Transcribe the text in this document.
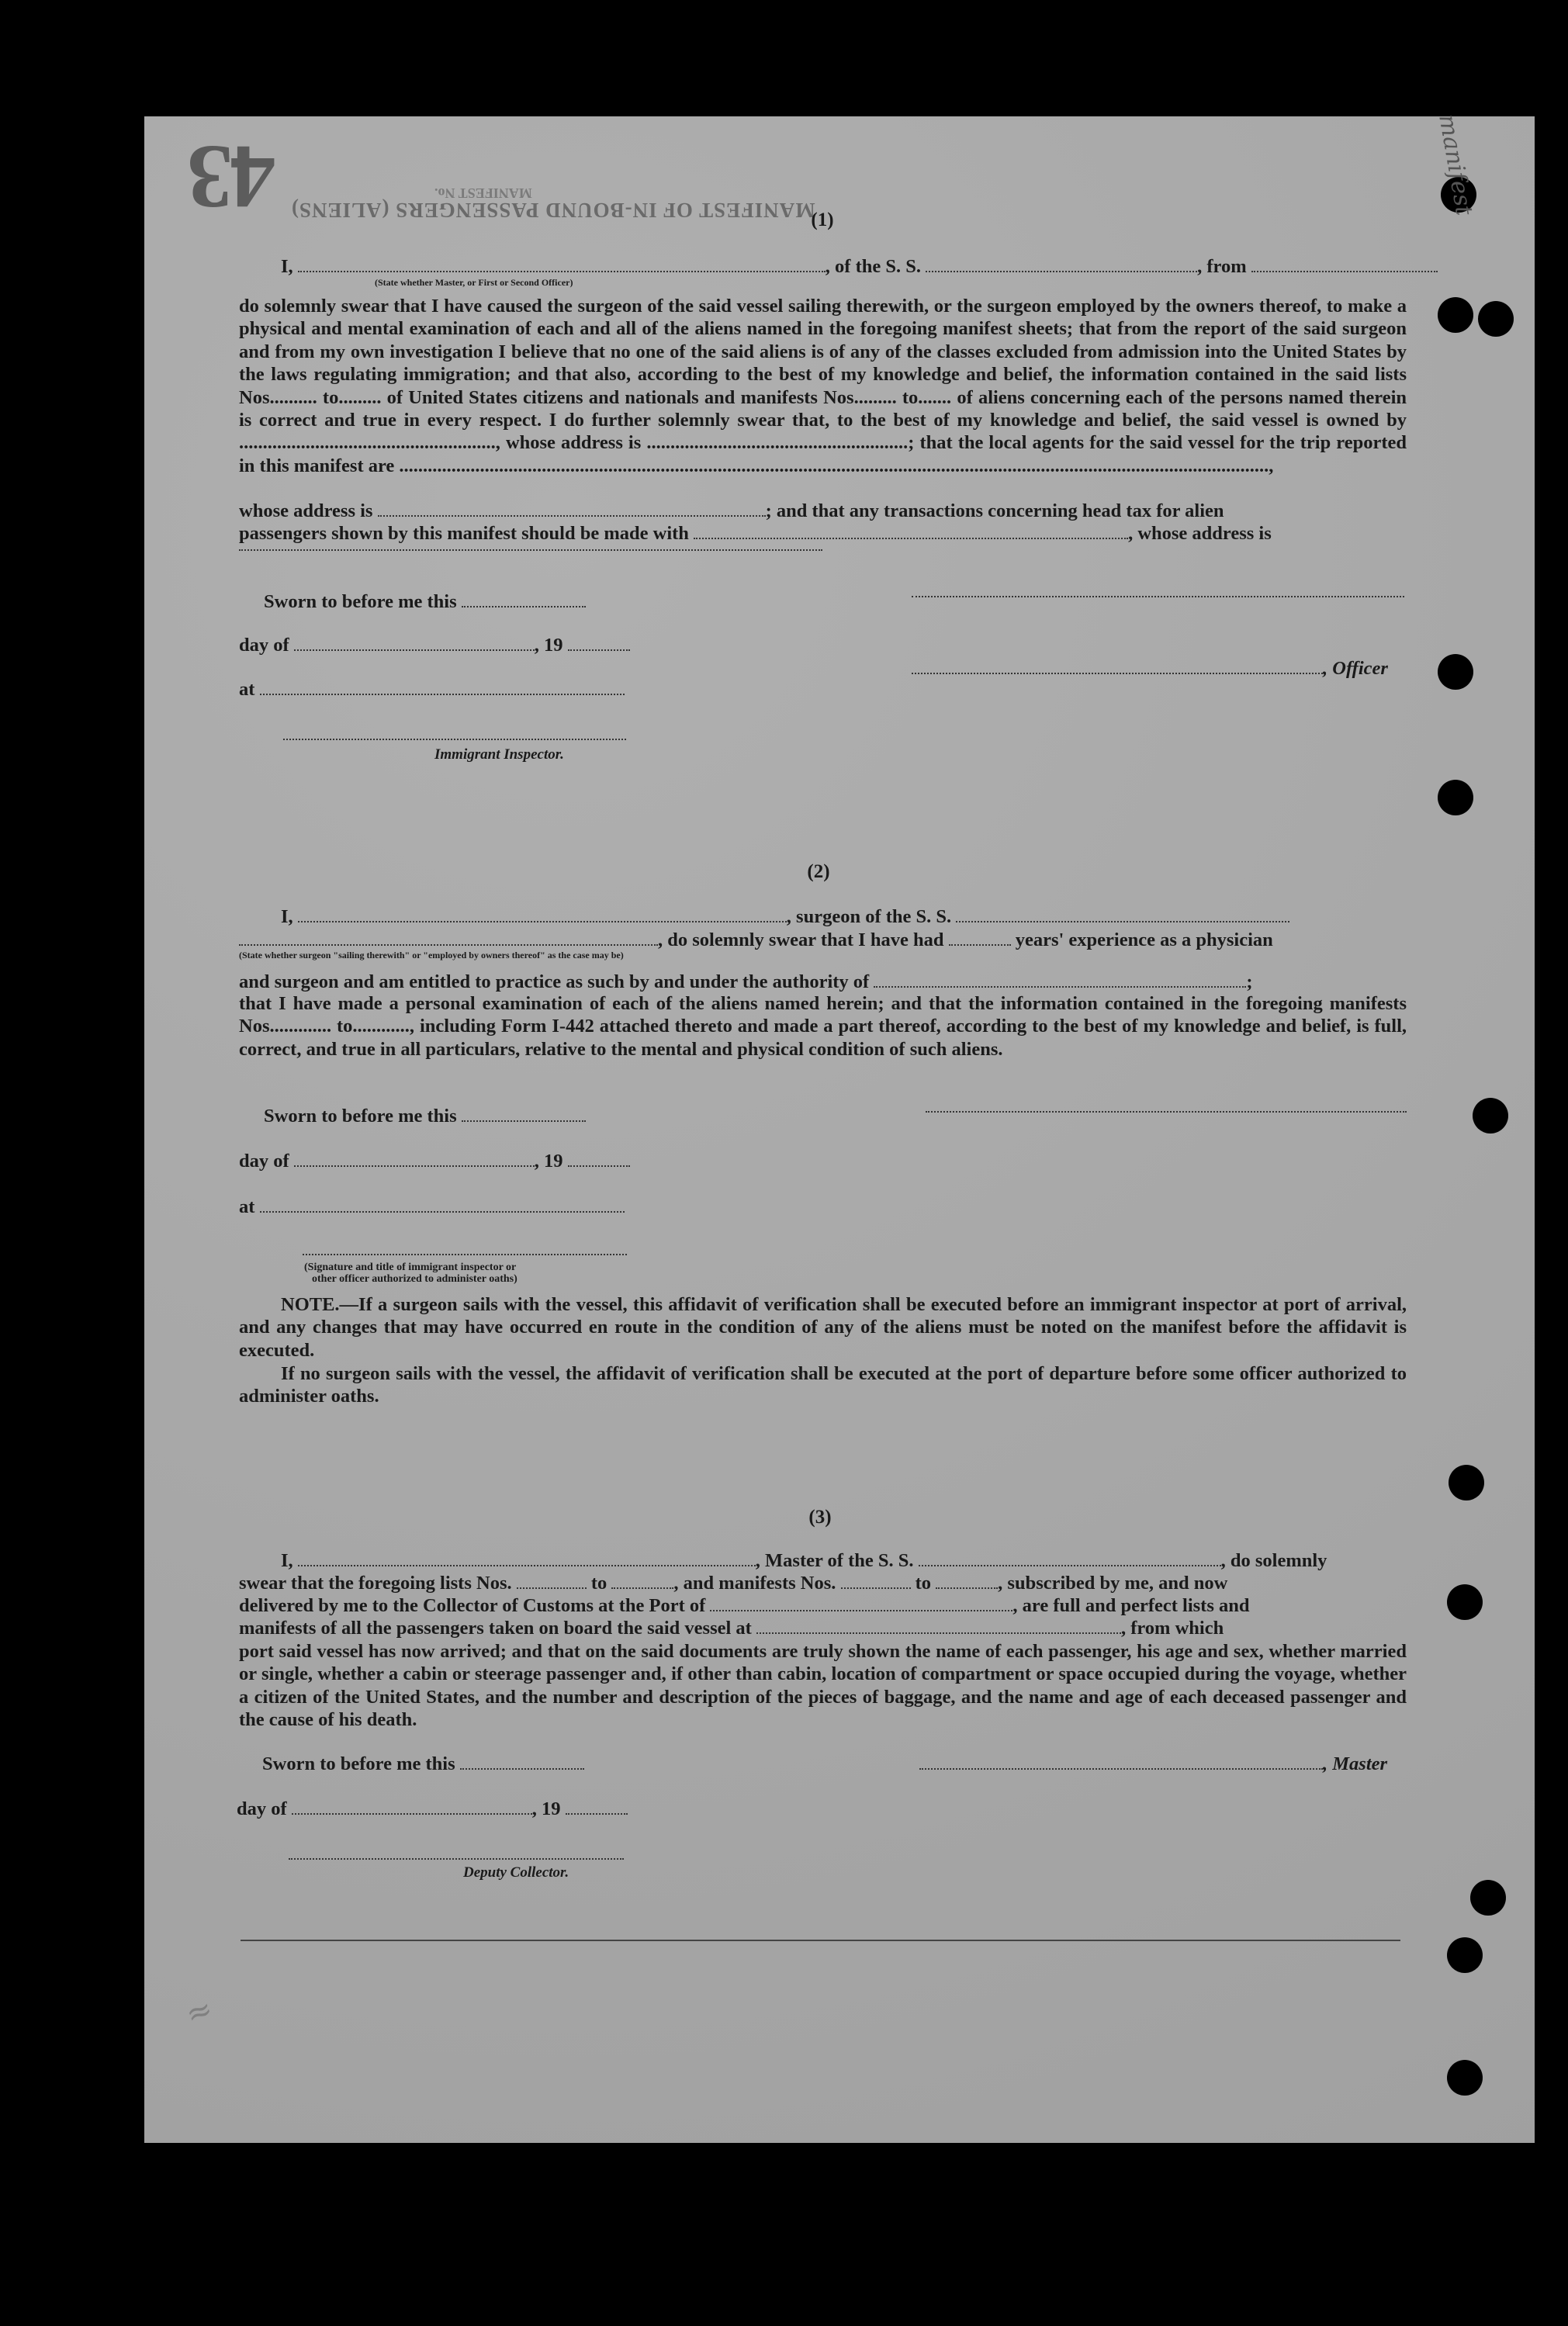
43 MANIFEST OF IN-BOUND PASSENGERS (ALIENS)
MANIFEST No.	manifest
(1)
I,	, of the S. S.	, from
(State whether Master, or First or Second Officer)
do solemnly swear that I have caused the surgeon of the said vessel sailing therewith, or the surgeon employed by the owners thereof, to make a physical and mental examination of each and all of the aliens named in the foregoing manifest sheets; that from the report of the said surgeon and from my own investigation I believe that no one of the said aliens is of any of the classes excluded from admission into the United States by the laws regulating immigration; and that also, according to the best of my knowledge and belief, the information contained in the said lists Nos.......... to......... of United States citizens and nationals and manifests Nos......... to....... of aliens concerning each of the persons named therein is correct and true in every respect. I do further solemnly swear that, to the best of my knowledge and belief, the said vessel is owned by ......................................................, whose address is .......................................................; that the local agents for the said vessel for the trip reported in this manifest are .......................................................................................................................................................................................,
whose address is	; and that any transactions concerning head tax for alien
passengers shown by this manifest should be made with	, whose address is
Sworn to before me this
day of	, 19
, Officer
at
Immigrant Inspector.
(2)
I,	, surgeon of the S. S.
, do solemnly swear that I have had	years' experience as a physician
(State whether surgeon "sailing therewith" or "employed by owners thereof" as the case may be)
and surgeon and am entitled to practice as such by and under the authority of	;
that I have made a personal examination of each of the aliens named herein; and that the information contained in the foregoing manifests Nos............. to............, including Form I-442 attached thereto and made a part thereof, according to the best of my knowledge and belief, is full, correct, and true in all particulars, relative to the mental and physical condition of such aliens.
Sworn to before me this
day of	, 19
at
(Signature and title of immigrant inspector or
other officer authorized to administer oaths)
NOTE.—If a surgeon sails with the vessel, this affidavit of verification shall be executed before an immigrant inspector at port of arrival, and any changes that may have occurred en route in the condition of any of the aliens must be noted on the manifest before the affidavit is executed.
If no surgeon sails with the vessel, the affidavit of verification shall be executed at the port of departure before some officer authorized to administer oaths.
(3)
I,	, Master of the S. S.	, do solemnly
swear that the foregoing lists Nos.	to	, and manifests Nos.	to	, subscribed by me, and now
delivered by me to the Collector of Customs at the Port of	, are full and perfect lists and
manifests of all the passengers taken on board the said vessel at	, from which
port said vessel has now arrived; and that on the said documents are truly shown the name of each passenger, his age and sex, whether married or single, whether a cabin or steerage passenger and, if other than cabin, location of compartment or space occupied during the voyage, whether a citizen of the United States, and the number and description of the pieces of baggage, and the name and age of each deceased passenger and the cause of his death.
Sworn to before me this	, Master
day of	, 19
Deputy Collector.
≈
